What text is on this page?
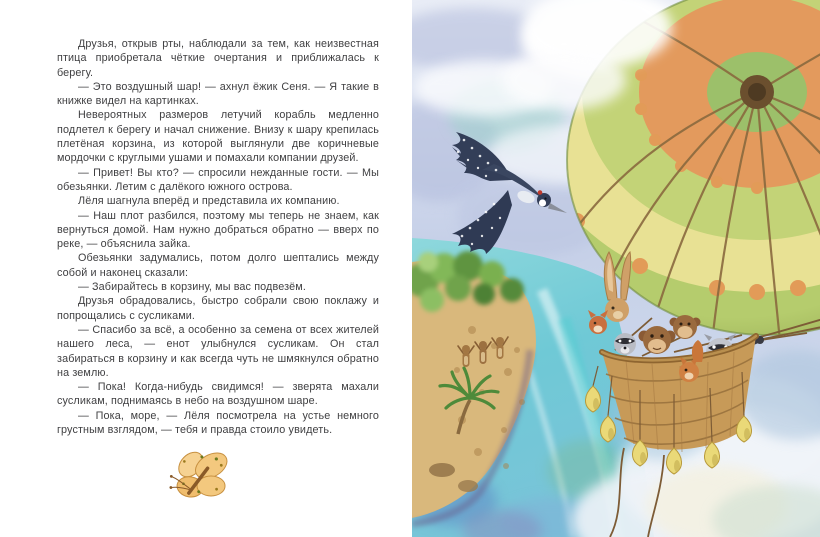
Друзья, открыв рты, наблюдали за тем, как неизвестная птица приобретала чёткие очертания и приближалась к берегу.

— Это воздушный шар! — ахнул ёжик Сеня. — Я такие в книжке видел на картинках.

Невероятных размеров летучий корабль медленно подлетел к берегу и начал снижение. Внизу к шару крепилась плетёная корзина, из которой выглянули две коричневые мордочки с круглыми ушами и помахали компании друзей.

— Привет! Вы кто? — спросили нежданные гости. — Мы обезьянки. Летим с далёкого южного острова.

Лёля шагнула вперёд и представила их компанию.

— Наш плот разбился, поэтому мы теперь не знаем, как вернуться домой. Нам нужно добраться обратно — вверх по реке, — объяснила зайка.

Обезьянки задумались, потом долго шептались между собой и наконец сказали:

— Забирайтесь в корзину, мы вас подвезём.

Друзья обрадовались, быстро собрали свою поклажу и попрощались с сусликами.

— Спасибо за всё, а особенно за семена от всех жителей нашего леса, — енот улыбнулся сусликам. Он стал забираться в корзину и как всегда чуть не шмякнулся обратно на землю.

— Пока! Когда-нибудь свидимся! — зверята махали сусликам, поднимаясь в небо на воздушном шаре.

— Пока, море, — Лёля посмотрела на устье немного грустным взглядом, — тебя и правда стоило увидеть.
